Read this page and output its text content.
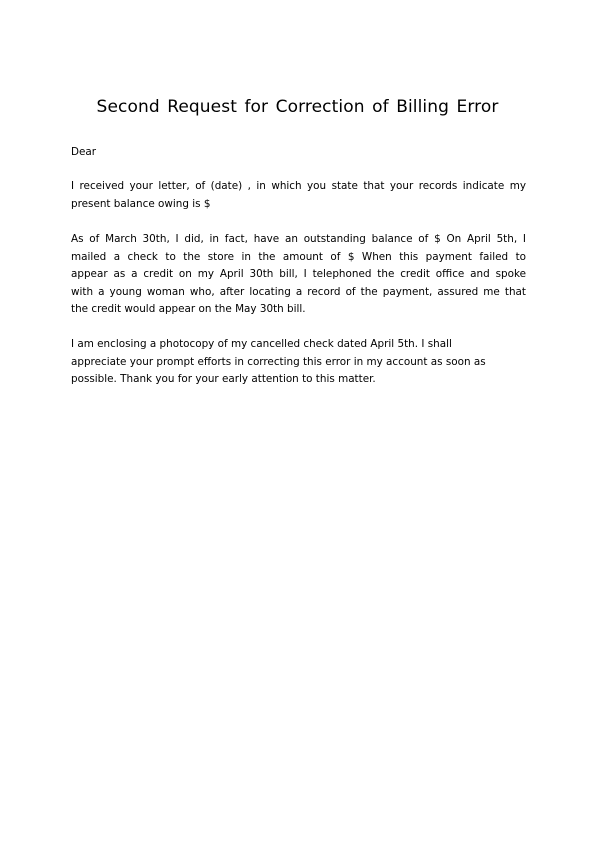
Second Request for Correction of Billing Error
Dear
I received your letter, of (date) , in which you state that your records indicate my
present balance owing is $
As of March 30th, I did, in fact, have an outstanding balance of $ On April 5th, I
mailed a check to the store in the amount of $ When this payment failed to
appear as a credit on my April 30th bill, I telephoned the credit office and spoke
with a young woman who, after locating a record of the payment, assured me that
the credit would appear on the May 30th bill.
I am enclosing a photocopy of my cancelled check dated April 5th. I shall
appreciate your prompt efforts in correcting this error in my account as soon as
possible. Thank you for your early attention to this matter.
